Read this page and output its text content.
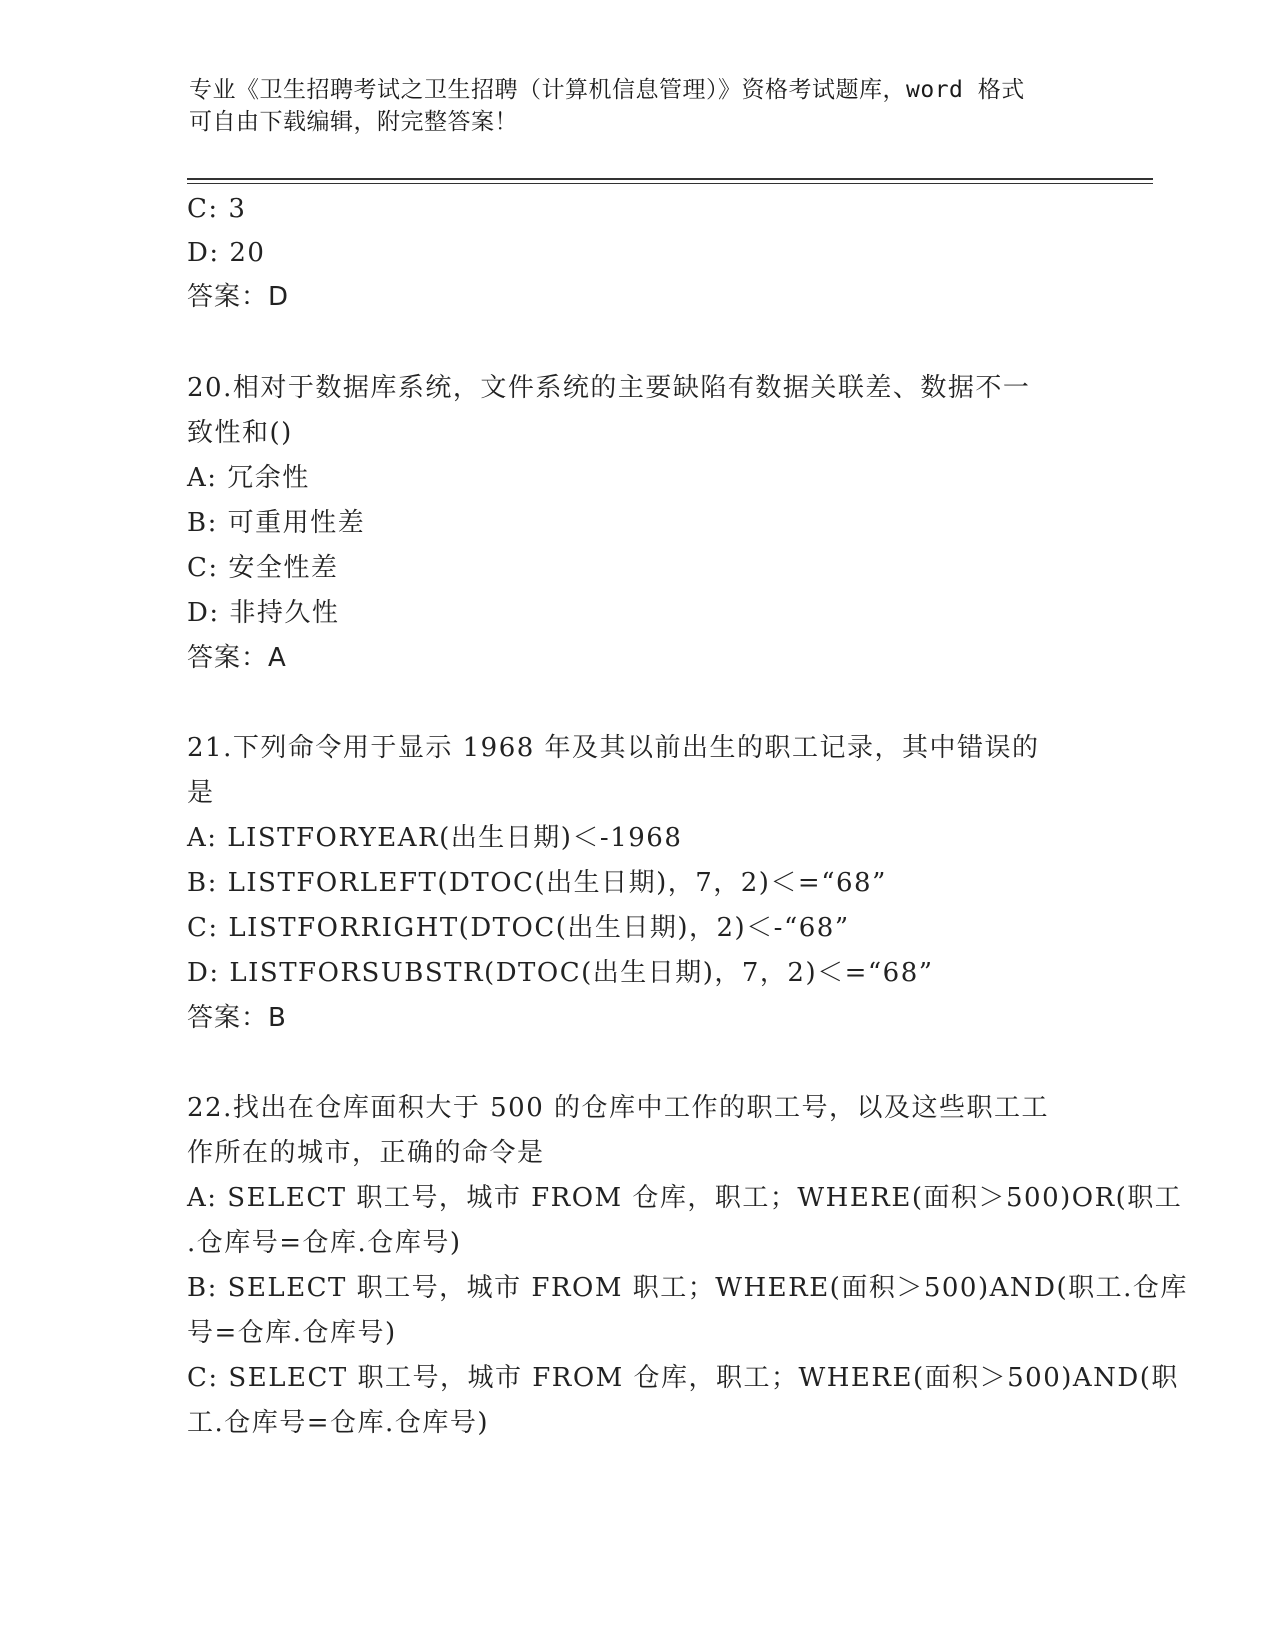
专业《卫生招聘考试之卫生招聘（计算机信息管理）》资格考试题库，word 格式
可自由下载编辑，附完整答案！
C: 3
D: 20
答案：D
20.相对于数据库系统，文件系统的主要缺陷有数据关联差、数据不一
致性和()
A: 冗余性
B: 可重用性差
C: 安全性差
D: 非持久性
答案：A
21.下列命令用于显示 1968 年及其以前出生的职工记录，其中错误的
是
A: LISTFORYEAR(出生日期)＜-1968
B: LISTFORLEFT(DTOC(出生日期)，7，2)＜=“68”
C: LISTFORRIGHT(DTOC(出生日期)，2)＜-“68”
D: LISTFORSUBSTR(DTOC(出生日期)，7，2)＜=“68”
答案：B
22.找出在仓库面积大于 500 的仓库中工作的职工号，以及这些职工工
作所在的城市，正确的命令是
A: SELECT 职工号，城市 FROM 仓库，职工；WHERE(面积＞500)OR(职工
.仓库号=仓库.仓库号)
B: SELECT 职工号，城市 FROM 职工；WHERE(面积＞500)AND(职工.仓库
号=仓库.仓库号)
C: SELECT 职工号，城市 FROM 仓库，职工；WHERE(面积＞500)AND(职
工.仓库号=仓库.仓库号)
